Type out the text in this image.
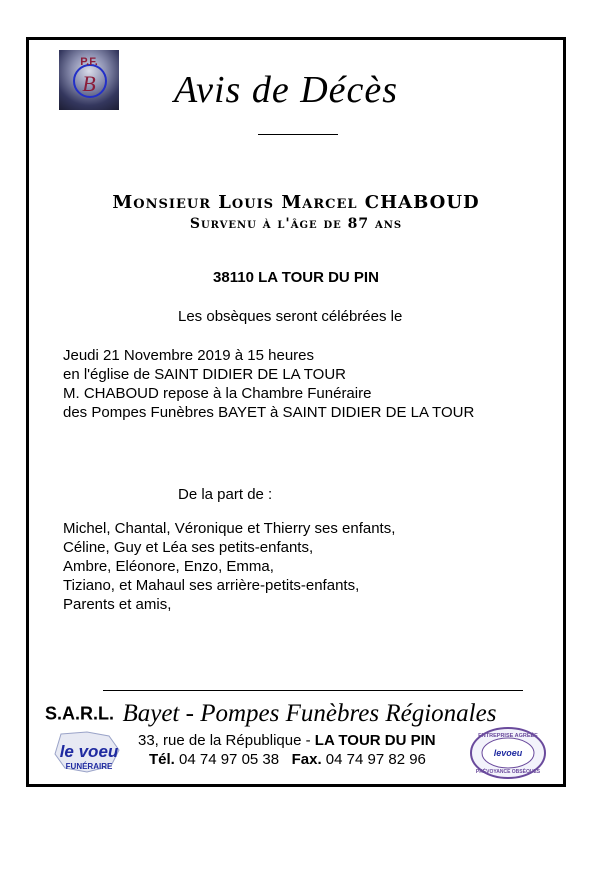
P.F.
B	Avis de Décès
Monsieur Louis Marcel CHABOUD
Survenu à l'âge de 87 ans
38110 LA TOUR DU PIN
Les obsèques seront célébrées le
Jeudi 21 Novembre 2019 à 15 heures
en l'église de SAINT DIDIER DE LA TOUR
M. CHABOUD repose à la Chambre Funéraire
des Pompes Funèbres BAYET à SAINT DIDIER DE LA TOUR
De la part de :
Michel, Chantal, Véronique et Thierry ses enfants,
Céline, Guy et Léa ses petits-enfants,
Ambre, Eléonore, Enzo, Emma,
Tiziano, et Mahaul ses arrière-petits-enfants,
Parents et amis,
S.A.R.L. Bayet - Pompes Funèbres Régionales
33, rue de la République - LA TOUR DU PIN
Tél. 04 74 97 05 38   Fax. 04 74 97 82 96
le voeu
FUNÉRAIRE
ENTREPRISE AGRÉÉE
levoeu
PRÉVOYANCE OBSÈQUES
